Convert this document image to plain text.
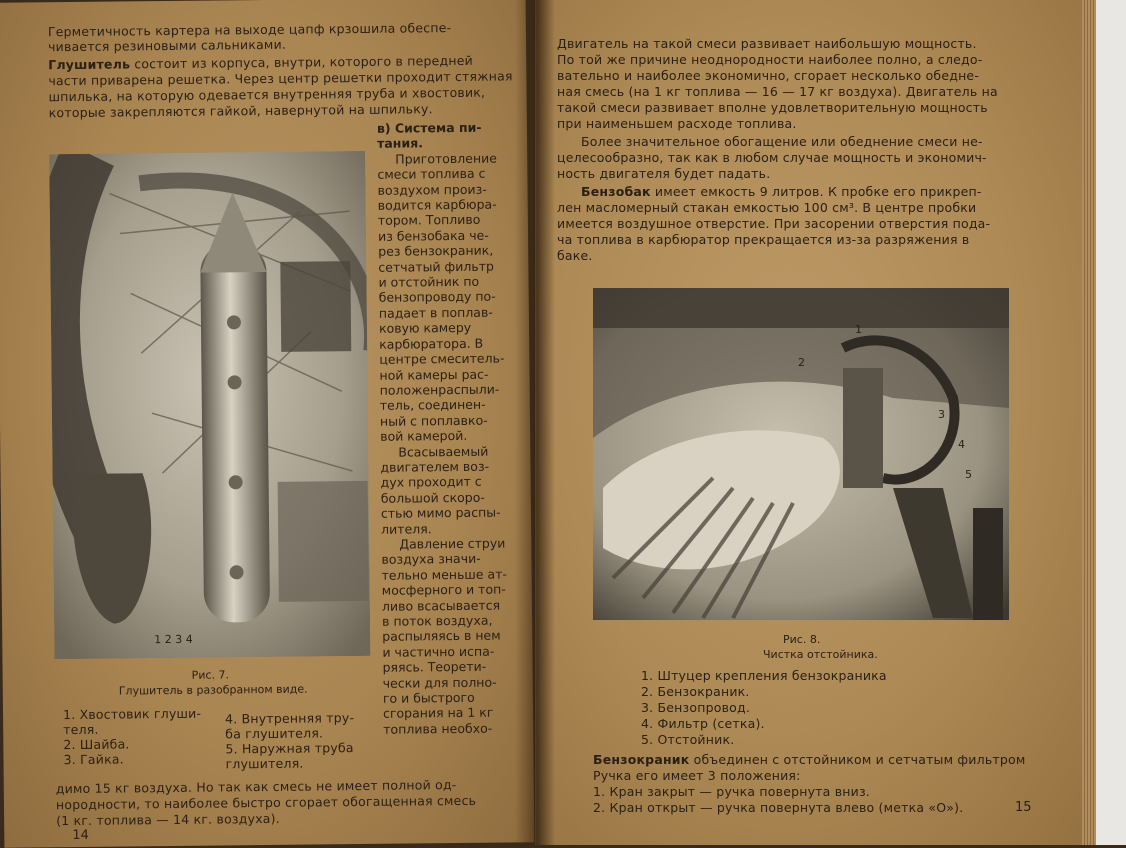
Герметичность картера на выходе цапф крзошила обеспе-
чивается резиновыми сальниками.
Глушитель состоит из корпуса, внутри, которого в передней
части приварена решетка. Через центр решетки проходит стяжная
шпилька, на которую одевается внутренняя труба и хвостовик,
которые закрепляются гайкой, навернутой на шпильку.
1 2 3 4
Рис. 7.
Глушитель в разобранном виде.
1. Хвостовик глуши-
теля.
2. Шайба.
3. Гайка.
4. Внутренняя тру-
ба глушителя.
5. Наружная труба
глушителя.
в) Система пи-
тания.
Приготовление
смеси топлива с
воздухом произ-
водится карбюра-
тором. Топливо
из бензобака че-
рез бензокраник,
сетчатый фильтр
и отстойник по
бензопроводу по-
падает в поплав-
ковую камеру
карбюратора. В
центре смеситель-
ной камеры рас-
положенраспыли-
тель, соединен-
ный с поплавко-
вой камерой.
Всасываемый
двигателем воз-
дух проходит с
большой скоро-
стью мимо распы-
лителя.
Давление струи
воздуха значи-
тельно меньше ат-
мосферного и топ-
ливо всасывается
в поток воздуха,
распыляясь в нем
и частично испа-
ряясь. Теорети-
чески для полно-
го и быстрого
сгорания на 1 кг
топлива необхо-
димо 15 кг воздуха. Но так как смесь не имеет полной од-
нородности, то наиболее быстро сгорает обогащенная смесь
(1 кг. топлива — 14 кг. воздуха).
14
Двигатель на такой смеси развивает наибольшую мощность.
По той же причине неоднородности наиболее полно, а следо-
вательно и наиболее экономично, сгорает несколько обедне-
ная смесь (на 1 кг топлива — 16 — 17 кг воздуха). Двигатель на
такой смеси развивает вполне удовлетворительную мощность
при наименьшем расходе топлива.
Более значительное обогащение или обеднение смеси не-
целесообразно, так как в любом случае мощность и экономич-
ность двигателя будет падать.
Бензобак имеет емкость 9 литров. К пробке его прикреп-
лен масломерный стакан емкостью 100 см³. В центре пробки
имеется воздушное отверстие. При засорении отверстия пода-
ча топлива в карбюратор прекращается из-за разряжения в
баке.
2
3
4
5
1
Рис. 8.
Чистка отстойника.
1. Штуцер крепления бензокраника
2. Бензокраник.
3. Бензопровод.
4. Фильтр (сетка).
5. Отстойник.
Бензокраник объединен с отстойником и сетчатым фильтром
Ручка его имеет 3 положения:
1. Кран закрыт — ручка повернута вниз.
2. Кран открыт — ручка повернута влево (метка «О»).	15
